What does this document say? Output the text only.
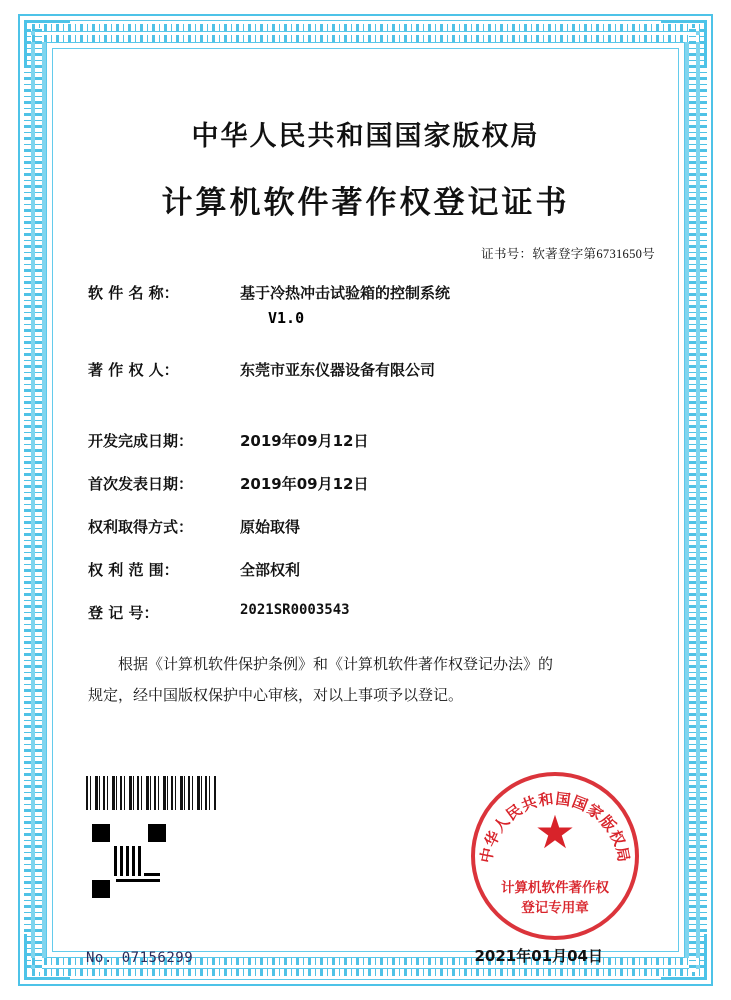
中华人民共和国国家版权局
计算机软件著作权登记证书
证书号：软著登字第6731650号
软 件 名 称：	基于冷热冲击试验箱的控制系统
V1.0
著 作 权 人：	东莞市亚东仪器设备有限公司
开发完成日期：	2019年09月12日
首次发表日期：	2019年09月12日
权利取得方式：	原始取得
权 利 范 围：	全部权利
登 记 号：	2021SR0003543
根据《计算机软件保护条例》和《计算机软件著作权登记办法》的
规定，经中国版权保护中心审核，对以上事项予以登记。
No. 07156299	2021年01月04日
中华人民共和国国家版权局
★
计算机软件著作权
登记专用章
